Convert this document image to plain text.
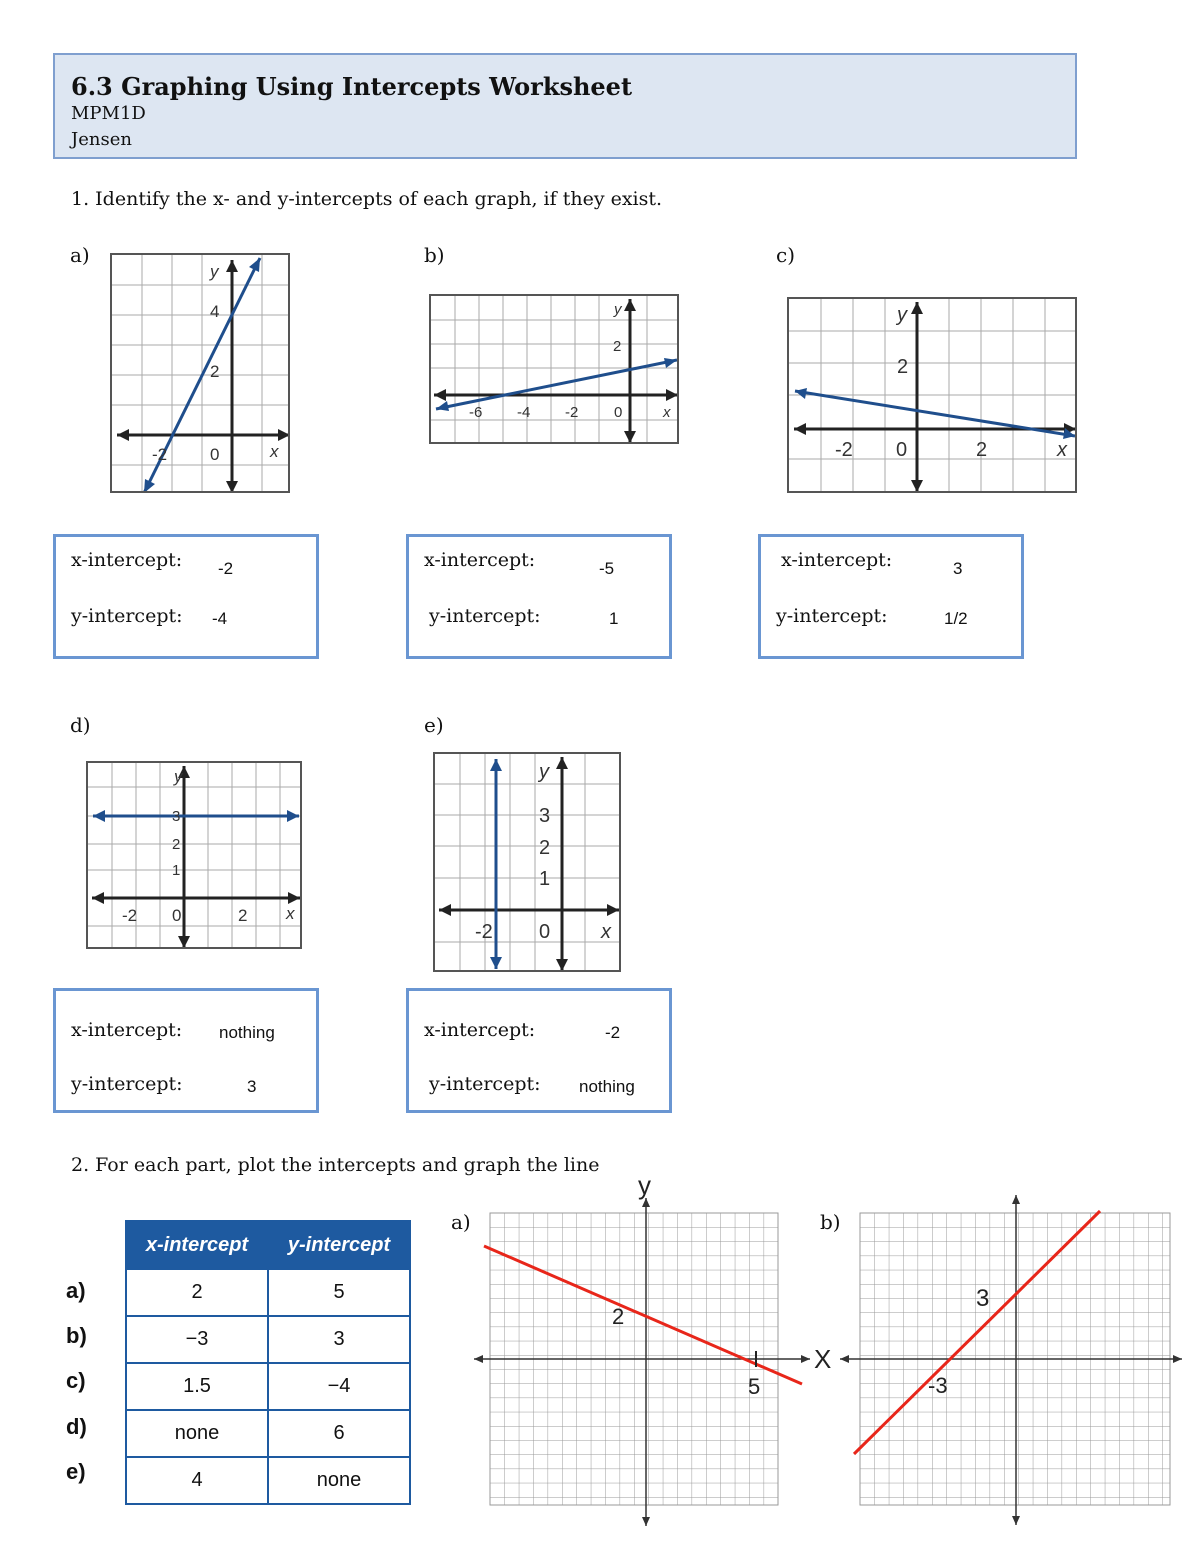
6.3 Graphing Using Intercepts Worksheet
MPM1D
Jensen
1. Identify the x- and y-intercepts of each graph, if they exist.
a)	b)	c)
d)	e)
4
2
-2	0	x
y
2
-6 -4 -2 0	x
y
2
-2 0	2	x
y
3
2
1
-2 0	2 x
y
3
2
1
-2 0	x
y
x-intercept: -2
y-intercept: -4
x-intercept:	-5
y-intercept:	1
x-intercept:	3
y-intercept:	1/2
x-intercept: nothing
y-intercept:	3
x-intercept:	-2
y-intercept: nothing
2. For each part, plot the intercepts and graph the line
a)
b)
c)
d)
e)
x-intercept	y-intercept
2	5
−3	3
1.5	−4
none	6
4	none
a)	b)
y
X
2
5
3
-3
